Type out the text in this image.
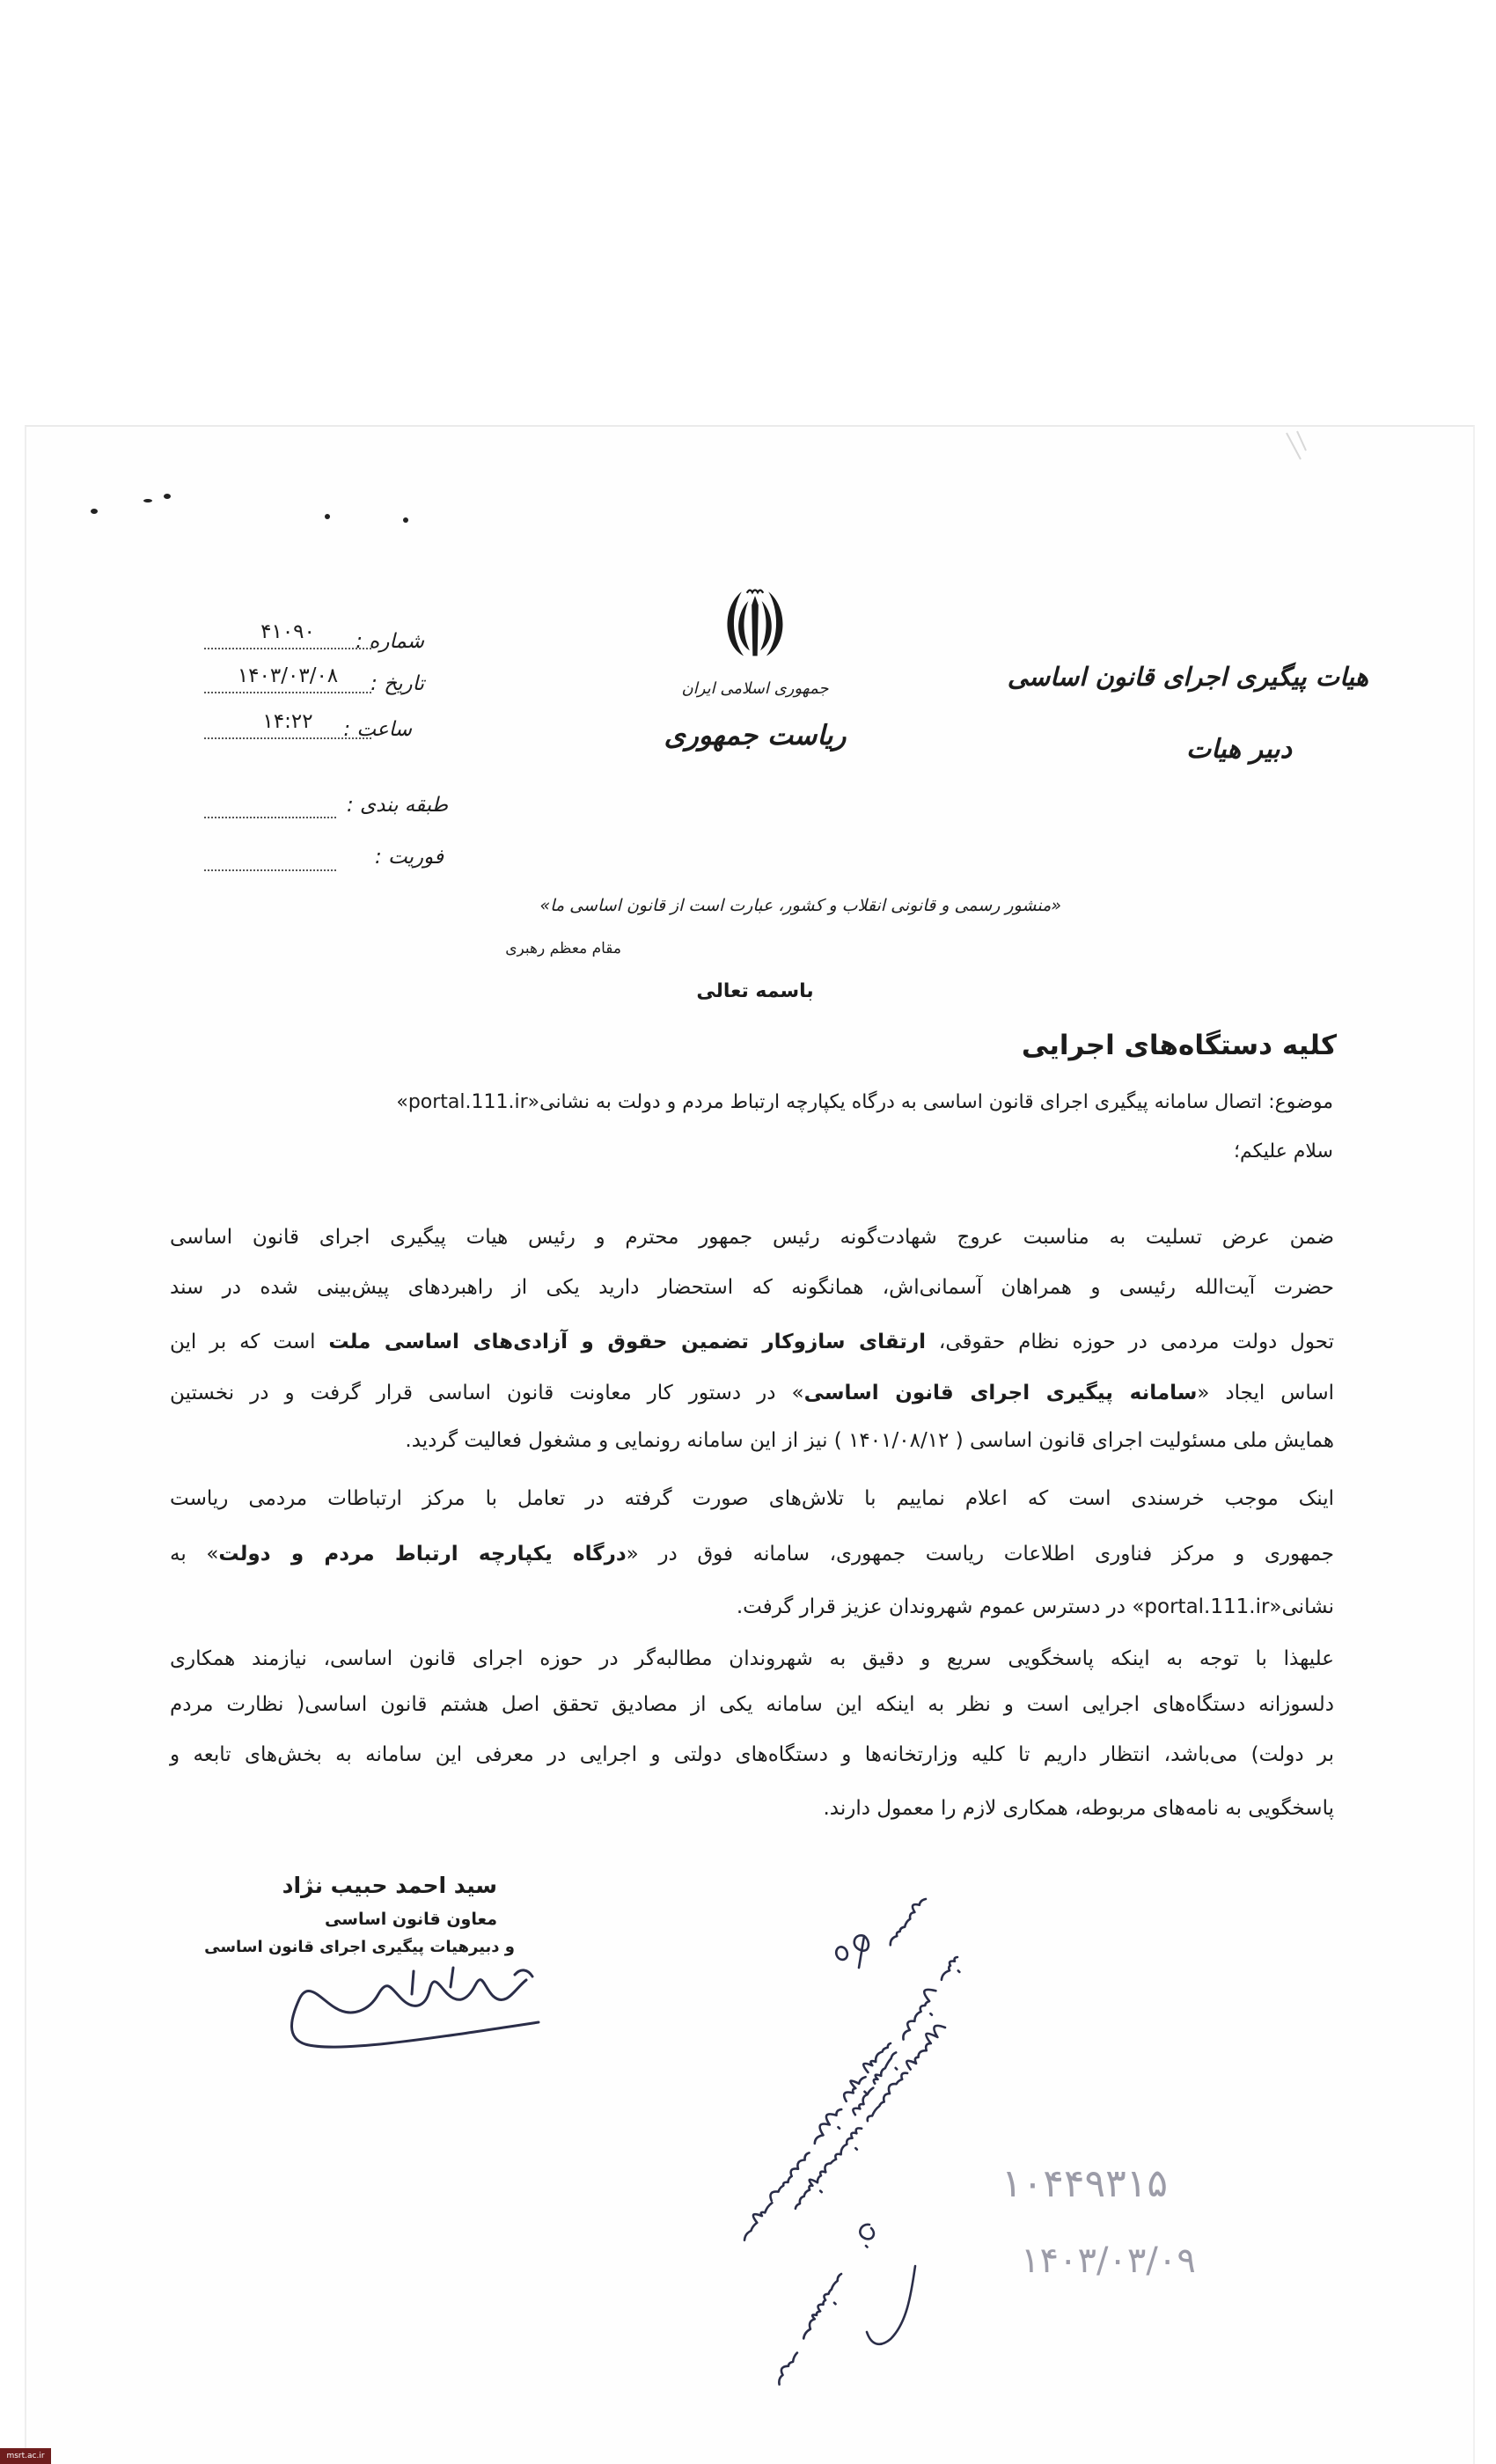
هیات پیگیری اجرای قانون اساسی
دبیر هیات
جمهوری اسلامی ایران
ریاست جمهوری
شماره :
۴۱۰۹۰
تاریخ :
۱۴۰۳/۰۳/۰۸
ساعت :
۱۴:۲۲
طبقه بندی :
فوریت :
«منشور رسمی و قانونی انقلاب و کشور، عبارت است از قانون اساسی ما»
مقام معظم رهبری
باسمه تعالی
کلیه دستگاه‌های اجرایی
موضوع: اتصال سامانه پیگیری اجرای قانون اساسی به درگاه یکپارچه ارتباط مردم و دولت به نشانی«portal.111.ir»
سلام علیکم؛
ضمن عرض تسلیت به مناسبت عروج شهادت‌گونه رئیس جمهور محترم و رئیس هیات پیگیری اجرای قانون اساسی
حضرت آیت‌الله رئیسی و همراهان آسمانی‌اش، همانگونه که استحضار دارید یکی از راهبردهای پیش‌بینی شده در سند
تحول دولت مردمی در حوزه نظام حقوقی، ارتقای سازوکار تضمین حقوق و آزادی‌های اساسی ملت است که بر این
اساس ایجاد «سامانه پیگیری اجرای قانون اساسی» در دستور کار معاونت قانون اساسی قرار گرفت و در نخستین
همایش ملی مسئولیت اجرای قانون اساسی ( ۱۴۰۱/۰۸/۱۲ ) نیز از این سامانه رونمایی و مشغول فعالیت گردید.
اینک موجب خرسندی است که اعلام نماییم با تلاش‌های صورت گرفته در تعامل با مرکز ارتباطات مردمی ریاست
جمهوری و مرکز فناوری اطلاعات ریاست جمهوری، سامانه فوق در «درگاه یکپارچه ارتباط مردم و دولت» به
نشانی«portal.111.ir» در دسترس عموم شهروندان عزیز قرار گرفت.
علیهذا با توجه به اینکه پاسخگویی سریع و دقیق به شهروندان مطالبه‌گر در حوزه اجرای قانون اساسی، نیازمند همکاری
دلسوزانه دستگاه‌های اجرایی است و نظر به اینکه این سامانه یکی از مصادیق تحقق اصل هشتم قانون اساسی( نظارت مردم
بر دولت) می‌باشد، انتظار داریم تا کلیه وزارتخانه‌ها و دستگاه‌های دولتی و اجرایی در معرفی این سامانه به بخش‌های تابعه و
پاسخگویی به نامه‌های مربوطه، همکاری لازم را معمول دارند.
سید احمد حبیب نژاد
معاون قانون اساسی
و دبیرهیات پیگیری اجرای قانون اساسی
۱۰۴۴۹۳۱۵
۱۴۰۳/۰۳/۰۹
msrt.ac.ir
